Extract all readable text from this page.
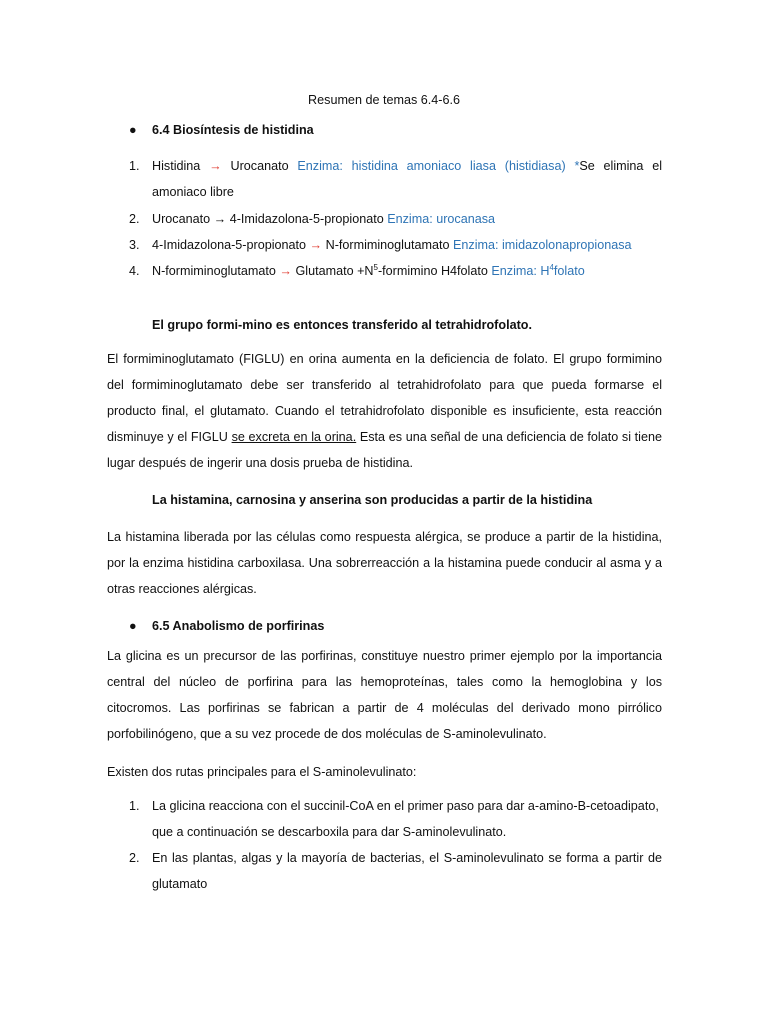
Resumen de temas 6.4-6.6
● 6.4 Biosíntesis de histidina
1. Histidina → Urocanato Enzima: histidina amoniaco liasa (histidiasa) *Se elimina el
amoniaco libre
2. Urocanato → 4-Imidazolona-5-propionato Enzima: urocanasa
3. 4-Imidazolona-5-propionato → N-formiminoglutamato Enzima: imidazolonapropionasa
4. N-formiminoglutamato → Glutamato $+N^5$-formimino H4folato Enzima: $H^4folato$
El grupo formi-mino es entonces transferido al tetrahidrofolato.
El formiminoglutamato (FIGLU) en orina aumenta en la deficiencia de folato. El grupo formimino
del formiminoglutamato debe ser transferido al tetrahidrofolato para que pueda formarse el
producto final, el glutamato. Cuando el tetrahidrofolato disponible es insuficiente, esta reacción
disminuye y el FIGLU se excreta en la orina. Esta es una señal de una deficiencia de folato si tiene
lugar después de ingerir una dosis prueba de histidina.
La histamina, carnosina y anserina son producidas a partir de la histidina
La histamina liberada por las células como respuesta alérgica, se produce a partir de la histidina,
por la enzima histidina carboxilasa. Una sobrerreacción a la histamina puede conducir al asma y a
otras reacciones alérgicas.
● 6.5 Anabolismo de porfirinas
La glicina es un precursor de las porfirinas, constituye nuestro primer ejemplo por la importancia
central del núcleo de porfirina para las hemoproteínas, tales como la hemoglobina y los
citocromos. Las porfirinas se fabrican a partir de 4 moléculas del derivado mono pirrólico
porfobilinógeno, que a su vez procede de dos moléculas de S-aminolevulinato.
Existen dos rutas principales para el S-aminolevulinato:
1. La glicina reacciona con el succinil-CoA en el primer paso para dar a-amino-B-cetoadipato,
que a continuación se descarboxila para dar S-aminolevulinato.
2. En las plantas, algas y la mayoría de bacterias, el S-aminolevulinato se forma a partir de
glutamato
